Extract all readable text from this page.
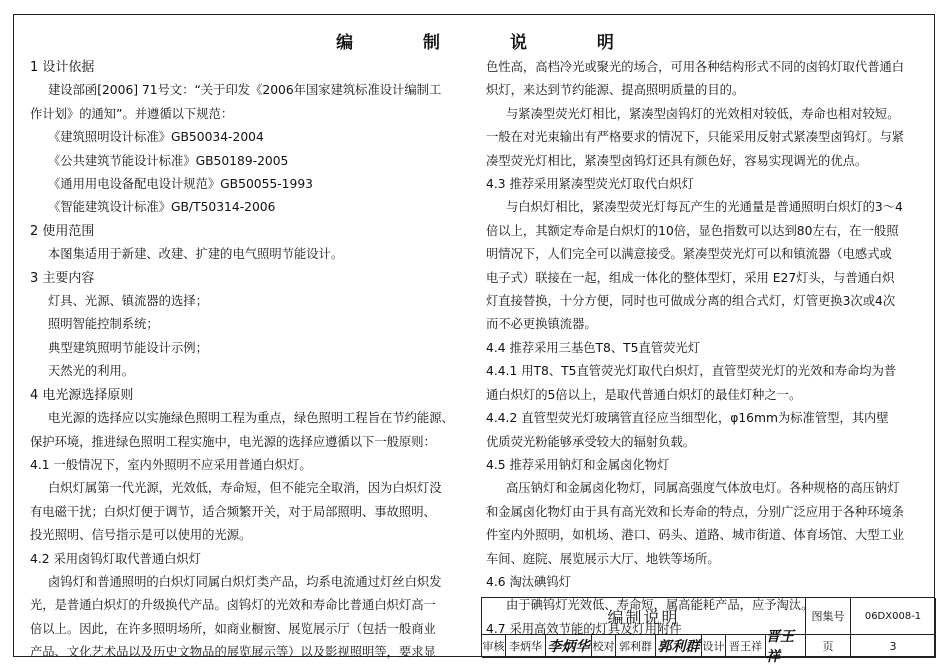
编 制 说 明

1 设计依据

建设部函[2006] 71号文：“关于印发《2006年国家建筑标准设计编制工

作计划》的通知”。并遵循以下规范：

《建筑照明设计标准》GB50034-2004

《公共建筑节能设计标准》GB50189-2005

《通用用电设备配电设计规范》GB50055-1993

《智能建筑设计标准》GB/T50314-2006

2 使用范围

本图集适用于新建、改建、扩建的电气照明节能设计。

3 主要内容

灯具、光源、镇流器的选择；

照明智能控制系统；

典型建筑照明节能设计示例；

天然光的利用。

4 电光源选择原则

电光源的选择应以实施绿色照明工程为重点，绿色照明工程旨在节约能源、

保护环境，推进绿色照明工程实施中，电光源的选择应遵循以下一般原则：

4.1 一般情况下，室内外照明不应采用普通白炽灯。

白炽灯属第一代光源，光效低，寿命短，但不能完全取消，因为白炽灯没

有电磁干扰；白炽灯便于调节，适合频繁开关，对于局部照明、事故照明、

投光照明、信号指示是可以使用的光源。

4.2 采用卤钨灯取代普通白炽灯

卤钨灯和普通照明的白炽灯同属白炽灯类产品，均系电流通过灯丝白炽发

光，是普通白炽灯的升级换代产品。卤钨灯的光效和寿命比普通白炽灯高一

倍以上。因此，在许多照明场所，如商业橱窗、展览展示厅（包括一般商业

产品、文化艺术品以及历史文物品的展览展示等）以及影视照明等，要求显

色性高，高档冷光或聚光的场合，可用各种结构形式不同的卤钨灯取代普通白

炽灯，来达到节约能源、提高照明质量的目的。

与紧凑型荧光灯相比，紧凑型卤钨灯的光效相对较低，寿命也相对较短。

一般在对光束输出有严格要求的情况下，只能采用反射式紧凑型卤钨灯。与紧

凑型荧光灯相比，紧凑型卤钨灯还具有颜色好，容易实现调光的优点。

4.3 推荐采用紧凑型荧光灯取代白炽灯

与白炽灯相比，紧凑型荧光灯每瓦产生的光通量是普通照明白炽灯的3～4

倍以上，其额定寿命是白炽灯的10倍，显色指数可以达到80左右，在一般照

明情况下，人们完全可以满意接受。紧凑型荧光灯可以和镇流器（电感式或

电子式）联接在一起，组成一体化的整体型灯，采用 E27灯头，与普通白炽

灯直接替换，十分方便，同时也可做成分离的组合式灯，灯管更换3次或4次

而不必更换镇流器。

4.4 推荐采用三基色T8、T5直管荧光灯

4.4.1 用T8、T5直管荧光灯取代白炽灯，直管型荧光灯的光效和寿命均为普

通白炽灯的5倍以上，是取代普通白炽灯的最佳灯种之一。

4.4.2 直管型荧光灯玻璃管直径应当细型化，φ16mm为标准管型，其内壁

优质荧光粉能够承受较大的辐射负载。

4.5 推荐采用钠灯和金属卤化物灯

高压钠灯和金属卤化物灯，同属高强度气体放电灯。各种规格的高压钠灯

和金属卤化物灯由于具有高光效和长寿命的特点，分别广泛应用于各种环境条

件室内外照明，如机场、港口、码头、道路、城市街道、体育场馆、大型工业

车间、庭院、展览展示大厅、地铁等场所。

4.6 淘汰碘钨灯

由于碘钨灯光效低、寿命短，属高能耗产品，应予淘汰。

4.7 采用高效节能的灯具及灯用附件

编制说明	图集号	06DX008-1
审核 李炳华 李炳华 校对 郭利群 郭利群 设计 晋王祥
晋王祥
页	3
